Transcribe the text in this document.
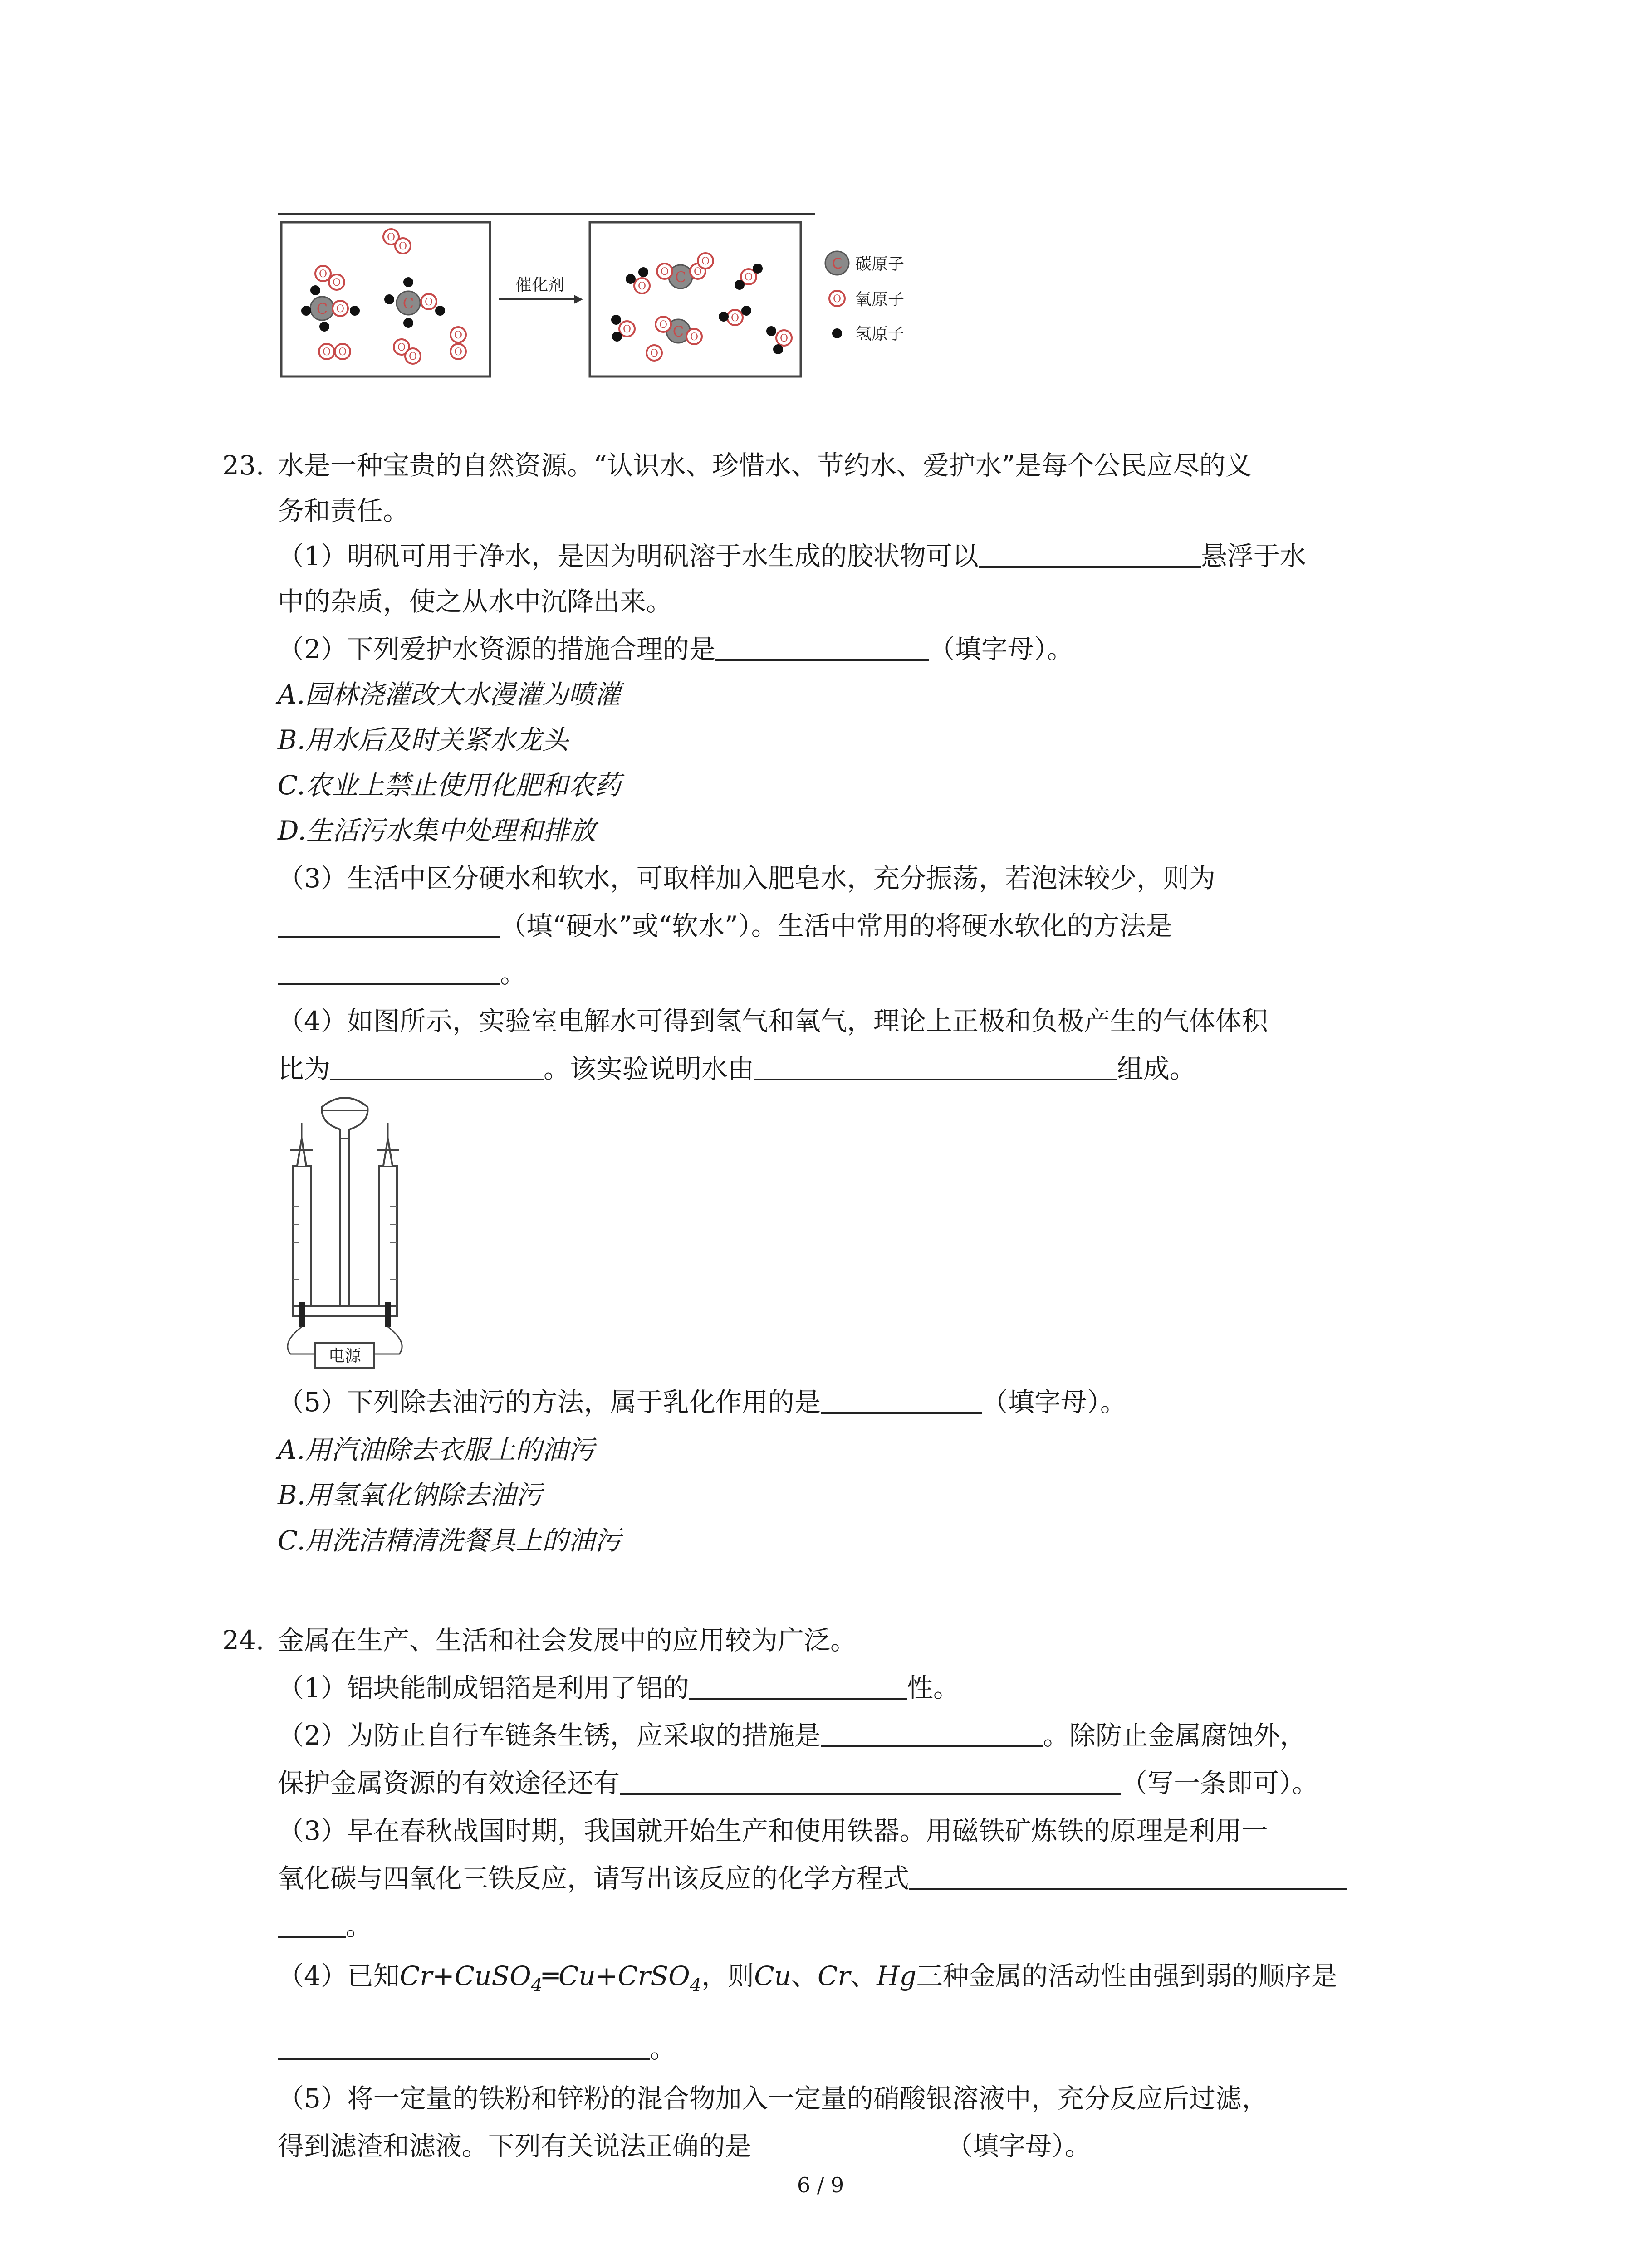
C O
O
O
C O
O
O
O O	O
O
O
O
催化剂	C
O O
C
O
O
O
O
O
O
O
O
O	C 碳原子
氧原子
O
氢原子
23. 水是一种宝贵的自然资源。“认识水、珍惜水、节约水、爱护水”是每个公民应尽的义
务和责任。
（1）明矾可用于净水，是因为明矾溶于水生成的胶状物可以	悬浮于水
中的杂质，使之从水中沉降出来。
（2）下列爱护水资源的措施合理的是	（填字母）。
A.园林浇灌改大水漫灌为喷灌
B.用水后及时关紧水龙头
C.农业上禁止使用化肥和农药
D.生活污水集中处理和排放
（3）生活中区分硬水和软水，可取样加入肥皂水，充分振荡，若泡沫较少，则为
（填“硬水”或“软水”）。生活中常用的将硬水软化的方法是
。
（4）如图所示，实验室电解水可得到氢气和氧气，理论上正极和负极产生的气体体积
比为	。该实验说明水由	组成。
电源
（5）下列除去油污的方法，属于乳化作用的是	（填字母）。
A.用汽油除去衣服上的油污
B.用氢氧化钠除去油污
C.用洗洁精清洗餐具上的油污
24. 金属在生产、生活和社会发展中的应用较为广泛。
（1）铝块能制成铝箔是利用了铝的	性。
（2）为防止自行车链条生锈，应采取的措施是	。除防止金属腐蚀外，
保护金属资源的有效途径还有	（写一条即可）。
（3）早在春秋战国时期，我国就开始生产和使用铁器。用磁铁矿炼铁的原理是利用一
氧化碳与四氧化三铁反应，请写出该反应的化学方程式
。
（4）已知Cr+CuSO$_4$═Cu+CrSO$_4$，则Cu、Cr、Hg三种金属的活动性由强到弱的顺序是
。
（5）将一定量的铁粉和锌粉的混合物加入一定量的硝酸银溶液中，充分反应后过滤，
得到滤渣和滤液。下列有关说法正确的是	（填字母）。
6 / 9
